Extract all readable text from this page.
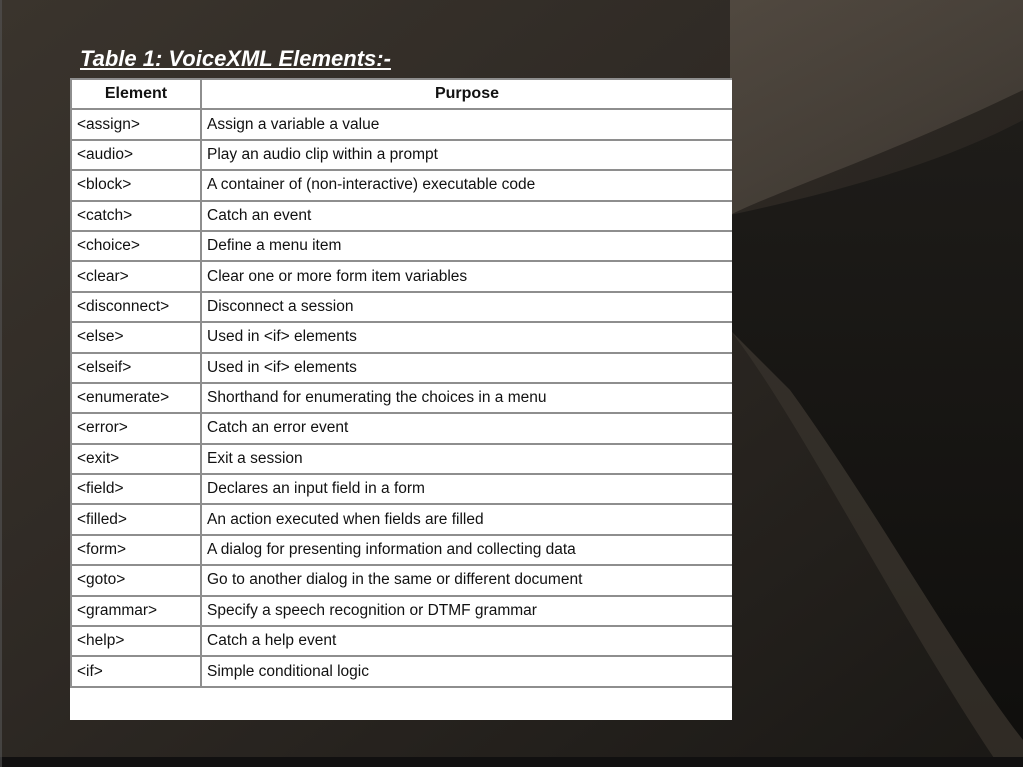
Table 1: VoiceXML Elements:-
Element	Purpose
<assign>	Assign a variable a value
<audio>	Play an audio clip within a prompt
<block>	A container of (non-interactive) executable code
<catch>	Catch an event
<choice>	Define a menu item
<clear>	Clear one or more form item variables
<disconnect>	Disconnect a session
<else>	Used in <if> elements
<elseif>	Used in <if> elements
<enumerate>	Shorthand for enumerating the choices in a menu
<error>	Catch an error event
<exit>	Exit a session
<field>	Declares an input field in a form
<filled>	An action executed when fields are filled
<form>	A dialog for presenting information and collecting data
<goto>	Go to another dialog in the same or different document
<grammar>	Specify a speech recognition or DTMF grammar
<help>	Catch a help event
<if>	Simple conditional logic
